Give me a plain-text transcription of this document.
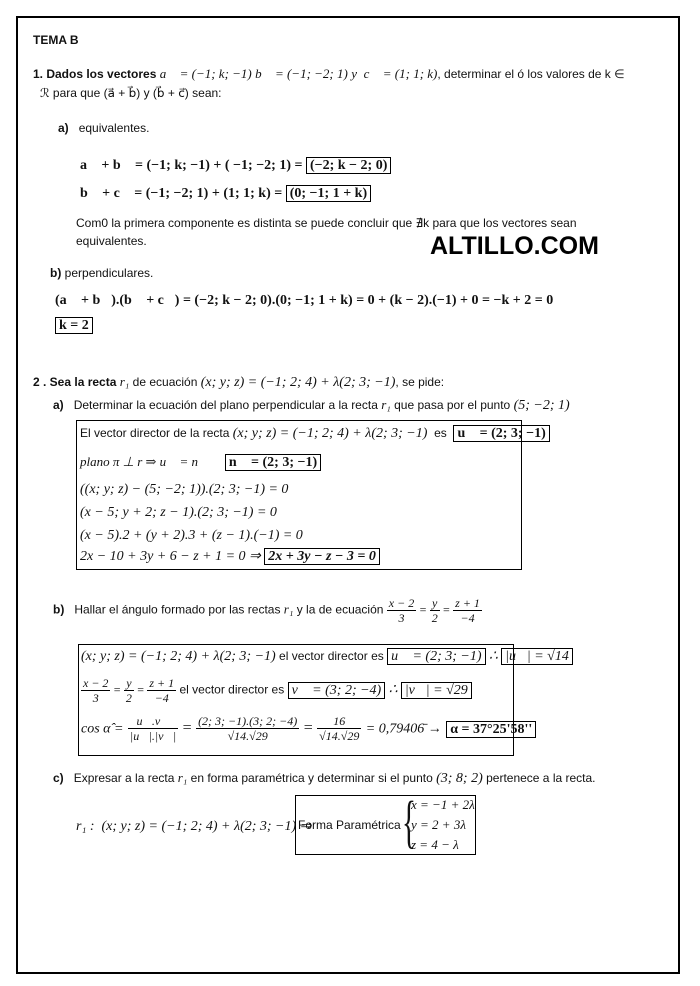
TEMA B
1. Dados los vectores a⃗ = (−1; k; −1) b⃗ = (−1; −2; 1) y c⃗ = (1; 1; k), determinar el ó los valores de k ∈
ℛ para que (a⃗ + b⃗) y (b⃗ + c⃗) sean:
a) equivalentes.
a⃗ + b⃗ = (−1; k; −1) + ( −1; −2; 1) = (−2; k − 2; 0)
b⃗ + c⃗ = (−1; −2; 1) + (1; 1; k) = (0; −1; 1 + k)
Com0 la primera componente es distinta se puede concluir que ∄k para que los vectores sean
equivalentes.	ALTILLO.COM
b) perpendiculares.
(a⃗ + b⃗).(b⃗ + c⃗) = (−2; k − 2; 0).(0; −1; 1 + k) = 0 + (k − 2).(−1) + 0 = −k + 2 = 0
k = 2
2 . Sea la recta r₁ de ecuación (x; y; z) = (−1; 2; 4) + λ(2; 3; −1), se pide:
a) Determinar la ecuación del plano perpendicular a la recta r₁ que pasa por el punto (5; −2; 1)
El vector director de la recta (x; y; z) = (−1; 2; 4) + λ(2; 3; −1) es u⃗ = (2; 3; −1)
plano π ⊥ r ⇒ u⃗ = n⃗ ∴ n⃗ = (2; 3; −1)
((x; y; z) − (5; −2; 1)).(2; 3; −1) = 0
(x − 5; y + 2; z − 1).(2; 3; −1) = 0
(x − 5).2 + (y + 2).3 + (z − 1).(−1) = 0
2x − 10 + 3y + 6 − z + 1 = 0 ⇒ 2x + 3y − z − 3 = 0
b) Hallar el ángulo formado por las rectas r₁ y la de ecuación $\frac{x - 2}{3} = \frac{y}{2} = \frac{z + 1}{-4}$
(x; y; z) = (−1; 2; 4) + λ(2; 3; −1) el vector director es u⃗ = (2; 3; −1) ∴ |u⃗| = √14
$\frac{x - 2}{3} = \frac{y}{2} = \frac{z + 1}{-4}$ el vector director es v⃗ = (3; 2; −4) ∴ |v⃗| = √29
cos α̂ = $\frac{u⃗.v⃗}{|u⃗|.|v⃗|} = \frac{(2; 3; -1).(3; 2; -4)}{√14.√29} = \frac{16}{√14.√29}$ = 0,79406̄ → α = 37°25'58''
c) Expresar a la recta r₁ en forma paramétrica y determinar si el punto (3; 8; 2) pertenece a la recta.
r₁ : (x; y; z) = (−1; 2; 4) + λ(2; 3; −1) ⇒
Forma Paramétrica {
x = −1 + 2λ
y = 2 + 3λ
z = 4 − λ
